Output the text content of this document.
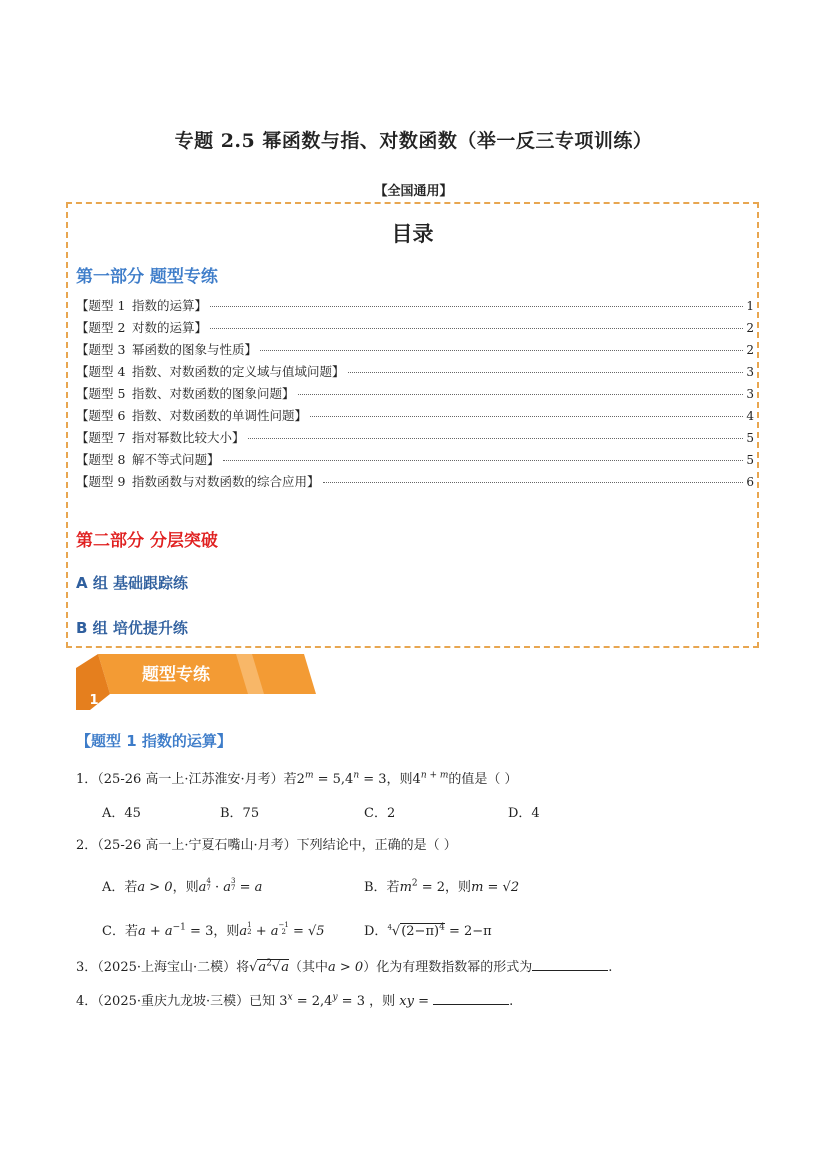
专题 2.5 幂函数与指、对数函数（举一反三专项训练）
【全国通用】
目录
第一部分 题型专练
【题型 1 指数的运算】	1
【题型 2 对数的运算】	2
【题型 3 幂函数的图象与性质】	2
【题型 4 指数、对数函数的定义域与值域问题】	3
【题型 5 指数、对数函数的图象问题】	3
【题型 6 指数、对数函数的单调性问题】	4
【题型 7 指对幂数比较大小】	5
【题型 8 解不等式问题】	5
【题型 9 指数函数与对数函数的综合应用】	6
第二部分 分层突破
A 组 基础跟踪练
B 组 培优提升练
题型专练
1
【题型 1 指数的运算】
1．（25-26 高一上·江苏淮安·月考）若$2^m = 5,4^n = 3$，则$4^{n + m}$的值是（ ）
A．45	B．75	C．2	D．4
2．（25-26 高一上·宁夏石嘴山·月考）下列结论中，正确的是（ ）
A．若a > 0，则a 4
7 · a 3
7 = a	B．若$m^2 = 2$，则m = √2
C．若$a + a^{-1} = 3$，则a 1
2 + a −1
2 = √5	D．$^4√(2-\pi)^4 = 2-\pi$
3．（2025·上海宝山·二模）将$√a^2√a$（其中a > 0）化为有理数指数幂的形式为	.
4．（2025·重庆九龙坡·三模）已知 $3^x = 2,4^y = 3$ ，则 xy =	.
